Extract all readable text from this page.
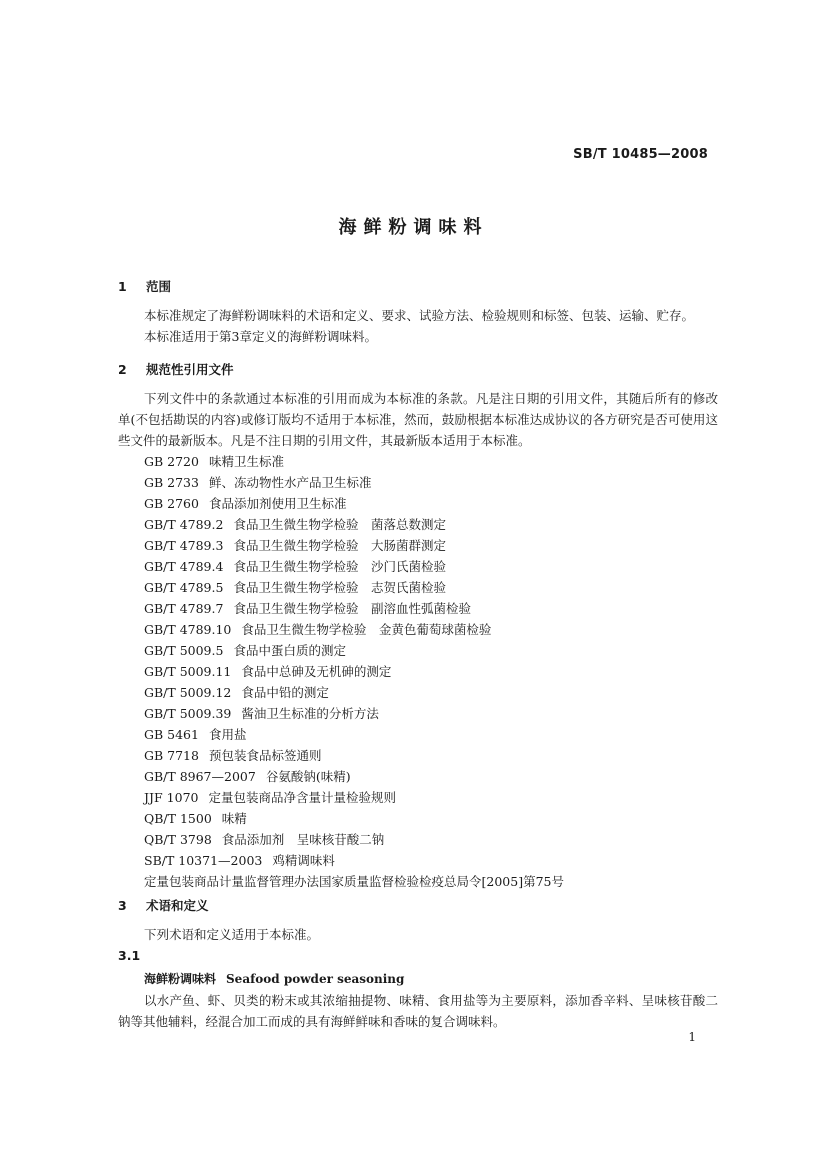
SB/T 10485—2008
海鲜粉调味料
1 范围
本标准规定了海鲜粉调味料的术语和定义、要求、试验方法、检验规则和标签、包装、运输、贮存。
本标准适用于第3章定义的海鲜粉调味料。
2 规范性引用文件
下列文件中的条款通过本标准的引用而成为本标准的条款。凡是注日期的引用文件，其随后所有的修改单(不包括勘误的内容)或修订版均不适用于本标准，然而，鼓励根据本标准达成协议的各方研究是否可使用这些文件的最新版本。凡是不注日期的引用文件，其最新版本适用于本标准。
GB 2720 味精卫生标准
GB 2733 鲜、冻动物性水产品卫生标准
GB 2760 食品添加剂使用卫生标准
GB/T 4789.2 食品卫生微生物学检验　菌落总数测定
GB/T 4789.3 食品卫生微生物学检验　大肠菌群测定
GB/T 4789.4 食品卫生微生物学检验　沙门氏菌检验
GB/T 4789.5 食品卫生微生物学检验　志贺氏菌检验
GB/T 4789.7 食品卫生微生物学检验　副溶血性弧菌检验
GB/T 4789.10 食品卫生微生物学检验　金黄色葡萄球菌检验
GB/T 5009.5 食品中蛋白质的测定
GB/T 5009.11 食品中总砷及无机砷的测定
GB/T 5009.12 食品中铅的测定
GB/T 5009.39 酱油卫生标准的分析方法
GB 5461 食用盐
GB 7718 预包装食品标签通则
GB/T 8967—2007 谷氨酸钠(味精)
JJF 1070 定量包装商品净含量计量检验规则
QB/T 1500 味精
QB/T 3798 食品添加剂　呈味核苷酸二钠
SB/T 10371—2003 鸡精调味料
定量包装商品计量监督管理办法国家质量监督检验检疫总局令[2005]第75号
3 术语和定义
下列术语和定义适用于本标准。
3.1
海鲜粉调味料 Seafood powder seasoning
以水产鱼、虾、贝类的粉末或其浓缩抽提物、味精、食用盐等为主要原料，添加香辛料、呈味核苷酸二钠等其他辅料，经混合加工而成的具有海鲜鲜味和香味的复合调味料。
1
